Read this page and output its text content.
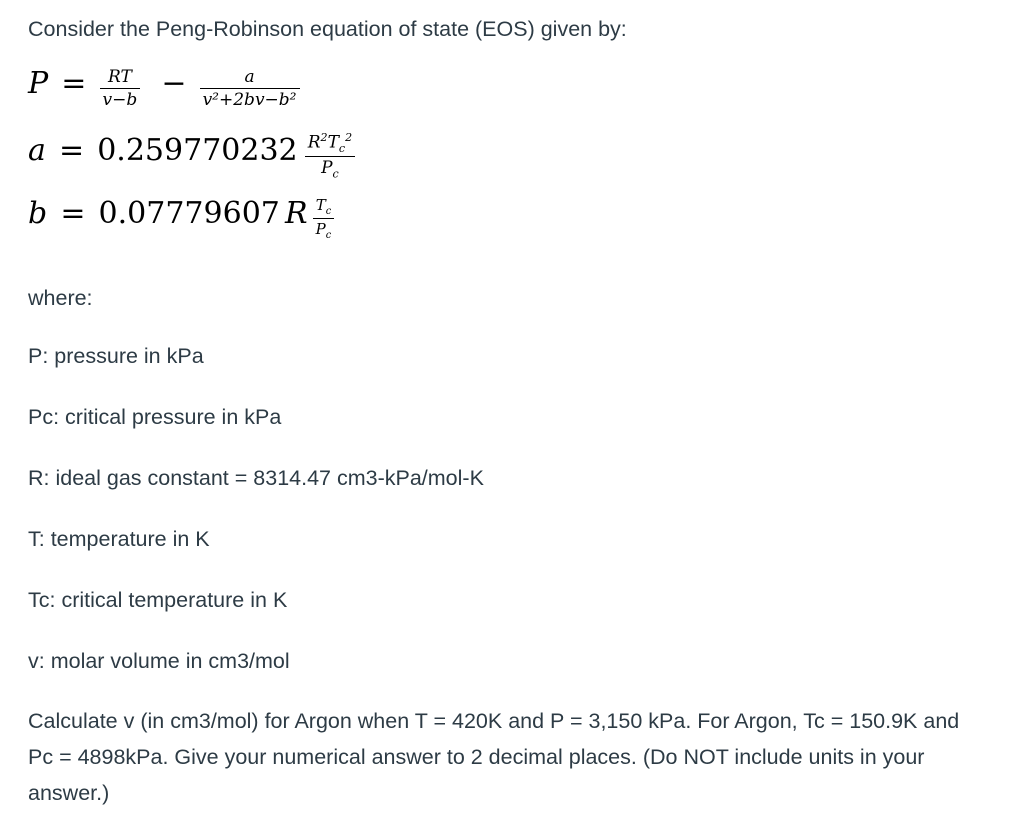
Consider the Peng-Robinson equation of state (EOS) given by:

$P = \frac{RT}{v-b} - \frac{a}{\text{v²+2bv−b²}}$
$a = 0.259770232 \frac{R^2T_c^2}{P_c}$
b = 0.07779607 R $\frac{T_c}{P_c}$

where:

P: pressure in kPa

Pc: critical pressure in kPa

R: ideal gas constant = 8314.47 cm3-kPa/mol-K

T: temperature in K

Tc: critical temperature in K

v: molar volume in cm3/mol

Calculate v (in cm3/mol) for Argon when T = 420K and P = 3,150 kPa. For Argon, Tc = 150.9K and Pc = 4898kPa. Give your numerical answer to 2 decimal places. (Do NOT include units in your answer.)
